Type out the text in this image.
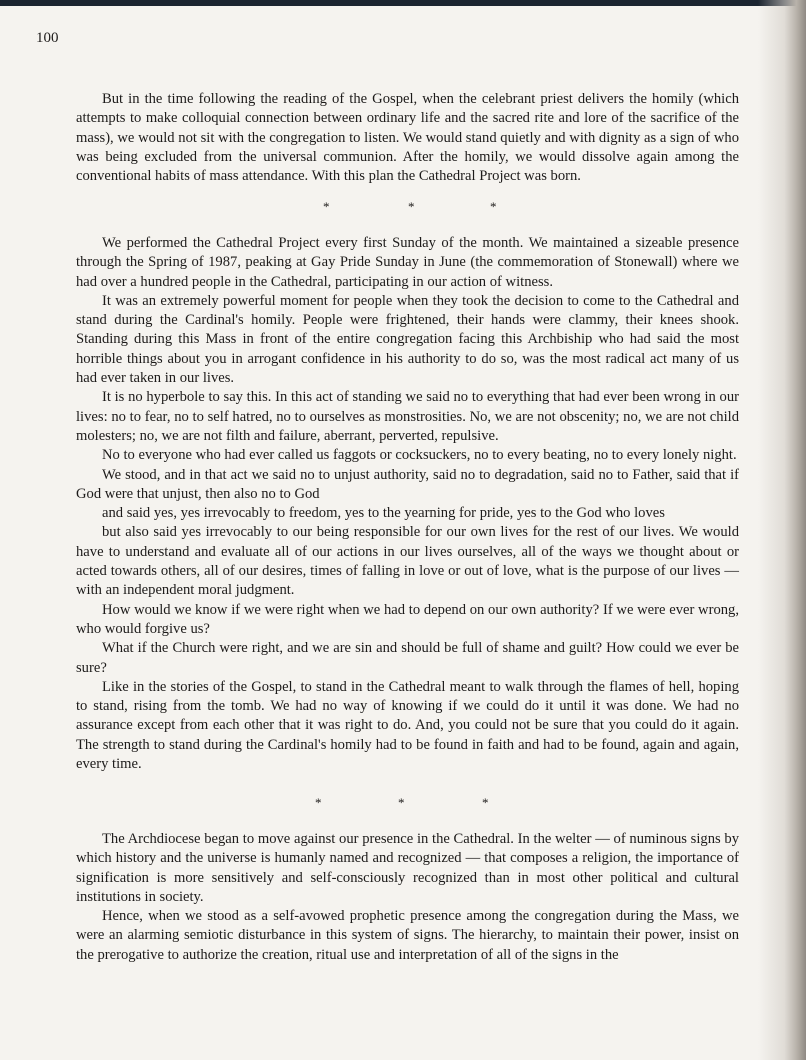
100

But in the time following the reading of the Gospel, when the celebrant priest delivers the homily (which attempts to make colloquial connection between ordinary life and the sacred rite and lore of the sacrifice of the mass), we would not sit with the congregation to listen. We would stand quietly and with dignity as a sign of who was being excluded from the universal communion. After the homily, we would dissolve again among the conventional habits of mass attendance. With this plan the Cathedral Project was born.

*	*	*

We performed the Cathedral Project every first Sunday of the month. We maintained a sizeable presence through the Spring of 1987, peaking at Gay Pride Sunday in June (the commemoration of Stonewall) where we had over a hundred people in the Cathedral, participating in our action of witness.

It was an extremely powerful moment for people when they took the decision to come to the Cathedral and stand during the Cardinal's homily. People were frightened, their hands were clammy, their knees shook. Standing during this Mass in front of the entire congregation facing this Archbiship who had said the most horrible things about you in arrogant confidence in his authority to do so, was the most radical act many of us had ever taken in our lives.

It is no hyperbole to say this. In this act of standing we said no to everything that had ever been wrong in our lives: no to fear, no to self hatred, no to ourselves as monstrosities. No, we are not obscenity; no, we are not child molesters; no, we are not filth and failure, aberrant, perverted, repulsive.

No to everyone who had ever called us faggots or cocksuckers, no to every beating, no to every lonely night.

We stood, and in that act we said no to unjust authority, said no to degradation, said no to Father, said that if God were that unjust, then also no to God

and said yes, yes irrevocably to freedom, yes to the yearning for pride, yes to the God who loves

but also said yes irrevocably to our being responsible for our own lives for the rest of our lives. We would have to understand and evaluate all of our actions in our lives ourselves, all of the ways we thought about or acted towards others, all of our desires, times of falling in love or out of love, what is the purpose of our lives — with an independent moral judgment.

How would we know if we were right when we had to depend on our own authority? If we were ever wrong, who would forgive us?

What if the Church were right, and we are sin and should be full of shame and guilt? How could we ever be sure?

Like in the stories of the Gospel, to stand in the Cathedral meant to walk through the flames of hell, hoping to stand, rising from the tomb. We had no way of knowing if we could do it until it was done. We had no assurance except from each other that it was right to do. And, you could not be sure that you could do it again. The strength to stand during the Cardinal's homily had to be found in faith and had to be found, again and again, every time.

*	*	*

The Archdiocese began to move against our presence in the Cathedral. In the welter — of numinous signs by which history and the universe is humanly named and recognized — that composes a religion, the importance of signification is more sensitively and self-consciously recognized than in most other political and cultural institutions in society.

Hence, when we stood as a self-avowed prophetic presence among the congregation during the Mass, we were an alarming semiotic disturbance in this system of signs. The hierarchy, to maintain their power, insist on the prerogative to authorize the creation, ritual use and interpretation of all of the signs in the
